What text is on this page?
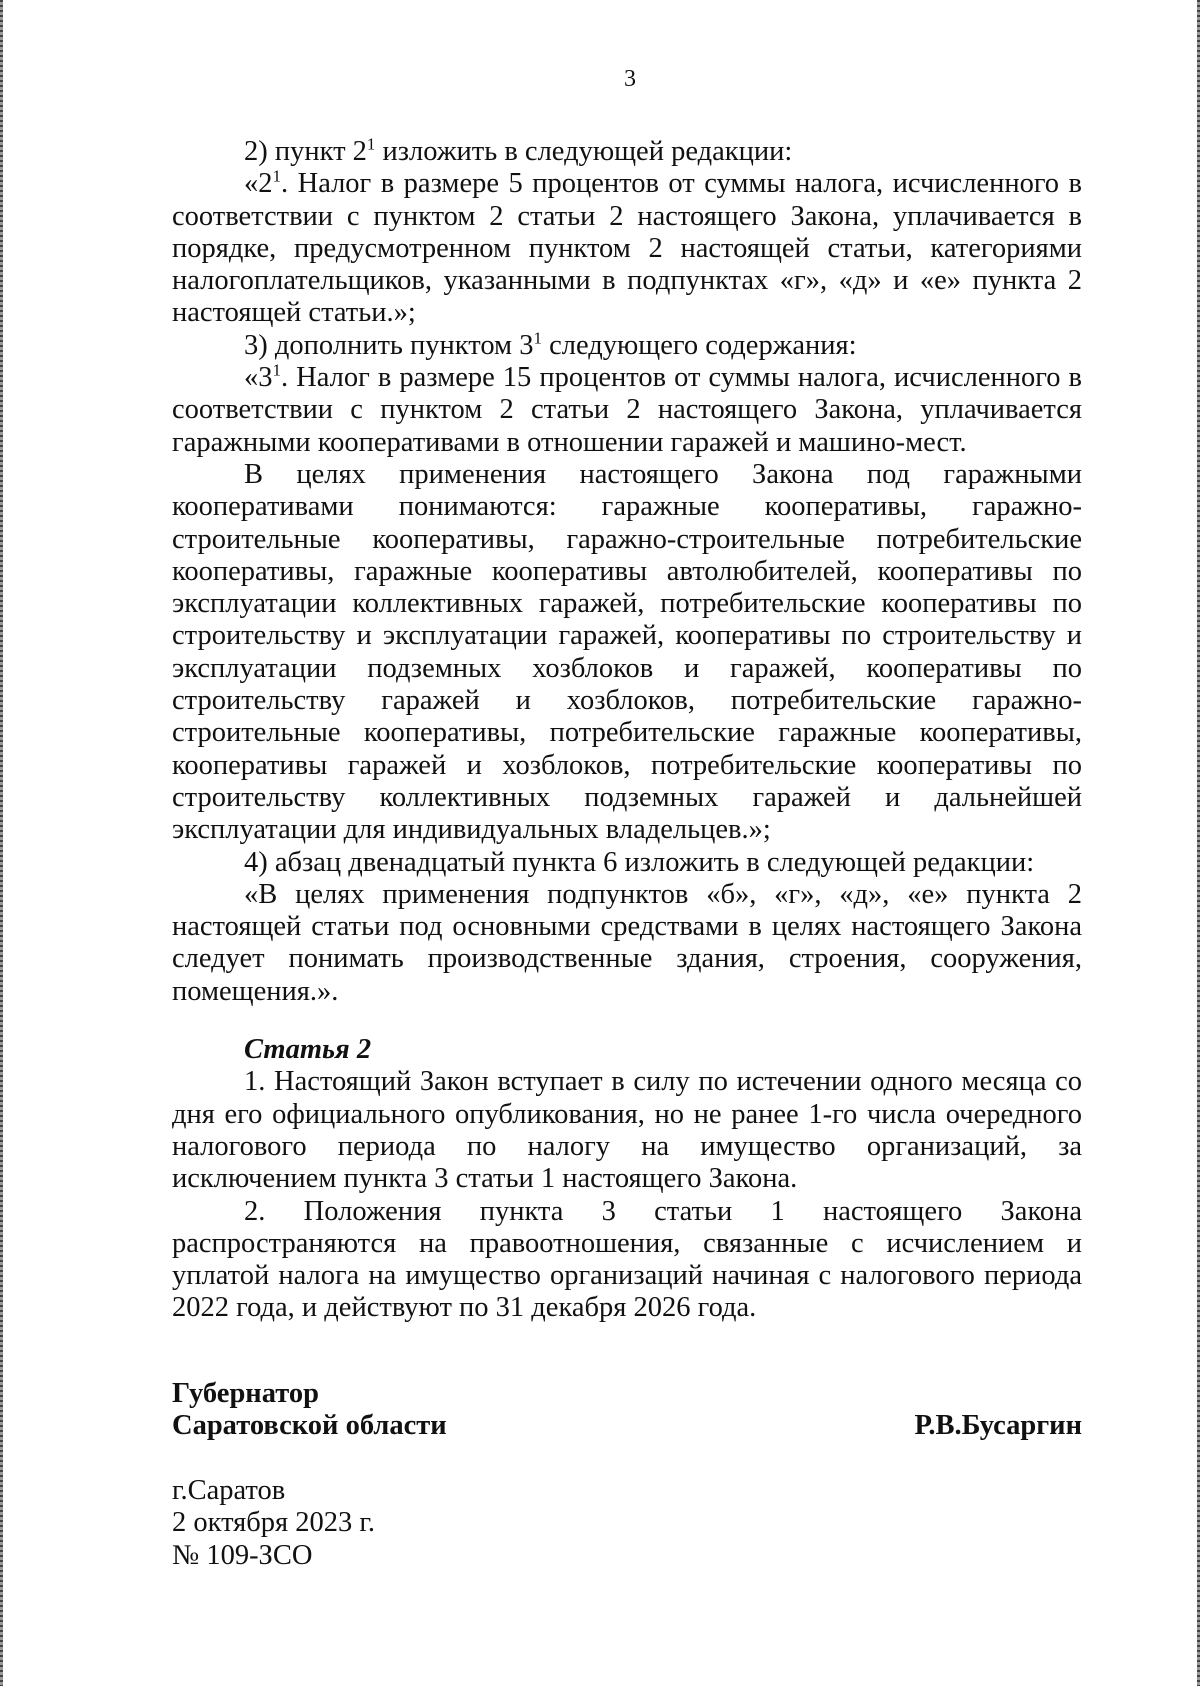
3

2) пункт $2^1$ изложить в следующей редакции:

«$2^1$. Налог в размере 5 процентов от суммы налога, исчисленного в соответствии с пунктом 2 статьи 2 настоящего Закона, уплачивается в порядке, предусмотренном пунктом 2 настоящей статьи, категориями налогоплательщиков, указанными в подпунктах «г», «д» и «е» пункта 2 настоящей статьи.»;

3) дополнить пунктом $3^1$ следующего содержания:

«$3^1$. Налог в размере 15 процентов от суммы налога, исчисленного в соответствии с пунктом 2 статьи 2 настоящего Закона, уплачивается гаражными кооперативами в отношении гаражей и машино-мест.

В целях применения настоящего Закона под гаражными кооперативами понимаются: гаражные кооперативы, гаражно-строительные кооперативы, гаражно-строительные потребительские кооперативы, гаражные кооперативы автолюбителей, кооперативы по эксплуатации коллективных гаражей, потребительские кооперативы по строительству и эксплуатации гаражей, кооперативы по строительству и эксплуатации подземных хозблоков и гаражей, кооперативы по строительству гаражей и хозблоков, потребительские гаражно-строительные кооперативы, потребительские гаражные кооперативы, кооперативы гаражей и хозблоков, потребительские кооперативы по строительству коллективных подземных гаражей и дальнейшей эксплуатации для индивидуальных владельцев.»;

4) абзац двенадцатый пункта 6 изложить в следующей редакции:

«В целях применения подпунктов «б», «г», «д», «е» пункта 2 настоящей статьи под основными средствами в целях настоящего Закона следует понимать производственные здания, строения, сооружения, помещения.».

Статья 2

1. Настоящий Закон вступает в силу по истечении одного месяца со дня его официального опубликования, но не ранее 1-го числа очередного налогового периода по налогу на имущество организаций, за исключением пункта 3 статьи 1 настоящего Закона.

2. Положения пункта 3 статьи 1 настоящего Закона распространяются на правоотношения, связанные с исчислением и уплатой налога на имущество организаций начиная с налогового периода 2022 года, и действуют по 31 декабря 2026 года.

Губернатор
Саратовской области	Р.В.Бусаргин
г.Саратов
2 октября 2023 г.
№ 109-ЗСО
